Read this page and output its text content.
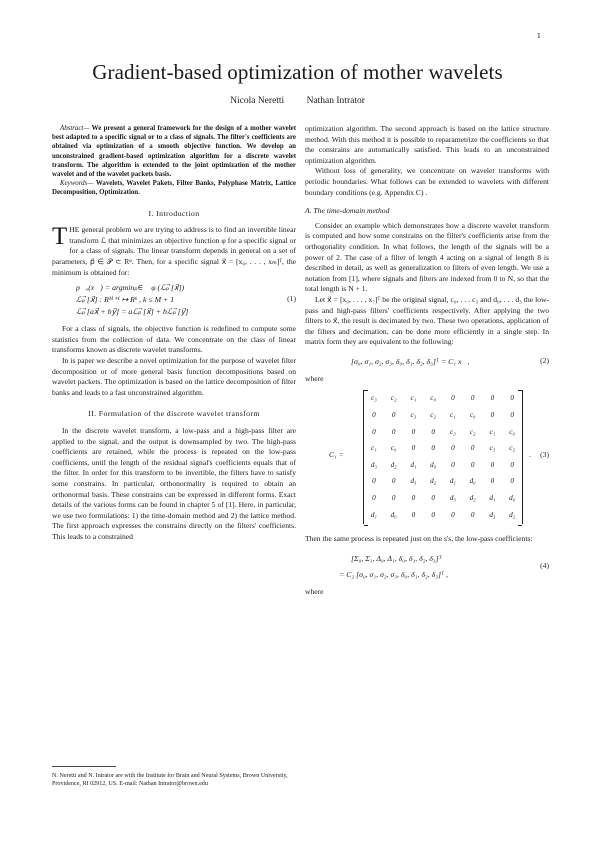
1
Gradient-based optimization of mother wavelets
Nicola Neretti Nathan Intrator

Abstract— We present a general framework for the design of a mother wavelet best adapted to a specific signal or to a class of signals. The filter's coefficients are obtained via optimization of a smooth objective function. We develop an unconstrained gradient-based optimization algorithm for a discrete wavelet transform. The algorithm is extended to the joint optimization of the mother wavelet and of the wavelet packets basis.

Keywords— Wavelets, Wavelet Pakets, Filter Banks, Polyphase Matrix, Lattice Decomposition, Optimization.

I. Introduction

THE general problem we are trying to address is to find an invertible linear transform ℒ that minimizes an objective function φ for a specific signal or for a class of signals. The linear transform depends in general on a set of parameters, p⃗ ∈ 𝒫 ⊂ Rᵠ. Then, for a specific signal x⃗ = [x₀, . . . , xₘ]ᵀ, the minimum is obtained for:

p⃗ₒ(x⃗) = argminₚ∈𝒫 φ (ℒₚ⃗ [x⃗])
ℒₚ⃗ [x⃗] : Rᴹ⁺¹ ↦ Rᵏ , k ≤ M + 1
ℒₚ⃗ [ax⃗ + by⃗] = aℒₚ⃗ [x⃗] + bℒₚ⃗ [y⃗]
(1)

For a class of signals, the objective function is redefined to compute some statistics from the collection of data. We concentrate on the class of linear transforms known as discrete wavelet transforms.

In is paper we describe a novel optimization for the purpose of wavelet filter decomposition or of more general basis function decompositions based on wavelet packets. The optimization is based on the lattice decomposition of filter banks and leads to a fast unconstrained algorithm.

II. Formulation of the discrete wavelet transform

In the discrete wavelet transform, a low-pass and a high-pass filter are applied to the signal, and the output is downsampled by two. The high-pass coefficients are retained, while the process is repeated on the low-pass coefficients, until the length of the residual signal's coefficients equals that of the filter. In order for this transform to be invertible, the filters have to satisfy some constrains. In particular, orthonormality is required to obtain an orthonormal basis. These constrains can be expressed in different forms. Exact details of the various forms can be found in chapter 5 of [1]. Here, in particular, we use two formulations: 1) the time-domain method and 2) the lattice method. The first approach expresses the constrains directly on the filters' coefficients. This leads to a constrained

N. Neretti and N. Intrator are with the Institute for Brain and Neural Systems, Brown University, Providence, RI 02912, US. E-mail: Nathan Intrator@brown.edu

optimization algorithm. The second approach is based on the lattice structure method. With this method it is possible to reparametrize the coefficients so that the constrains are automatically satisfied. This leads to an unconstrained optimization algorithm.

Without loss of generality, we concentrate on wavelet transforms with periodic boundaries. What follows can be extended to wavelets with different boundary conditions (e.g. Appendix C) .

A. The time-domain method

Consider an example which demonstrates how a discrete wavelet transform is computed and how some constrains on the filter's coefficients arise from the orthogonality condition. In what follows, the length of the signals will be a power of 2. The case of a filter of length 4 acting on a signal of length 8 is described in detail, as well as generalization to filters of even length. We use a notation from [1], where signals and filters are indexed from 0 to N, so that the total length is N + 1.

Let x⃗ = [x₀, . . . , x₇]ᵀ be the original signal, c₀, . . . c₃ and d₀, . . . d₃ the low-pass and high-pass filters' coefficients respectively. After applying the two filters to x⃗, the result is decimated by two. These two operations, application of the filters and decimation, can be done more efficiently in a single step. In matrix form they are equivalent to the following:

[σ₀, σ₁, σ₂, σ₃, δ₀, δ₁, δ₂, δ₃]ᵀ = C₁ x⃗,	(2)

where

C₁ =
c₃	c₂	c₁	c₀	0	0	0	0
0	0	c₃	c₂	c₁	c₀	0	0
0	0	0	0	c₃	c₂	c₁	c₀
c₁	c₀	0	0	0	0	c₃	c₂
d₃	d₂	d₁	d₀	0	0	0	0
0	0	d₃	d₂	d₁	d₀	0	0
0	0	0	0	d₃	d₂	d₁	d₀
d₁	d₀	0	0	0	0	d₃	d₂
. (3)

Then the same process is repeated just on the s's, the low-pass coefficients:

[Σ₀, Σ₁, Δ₀, Δ₁, δ₀, δ₁, δ₂, δ₃]ᵀ
= C₂ [σ₀, σ₁, σ₂, σ₃, δ₀, δ₁, δ₂, δ₃]ᵀ ,
(4)

where
